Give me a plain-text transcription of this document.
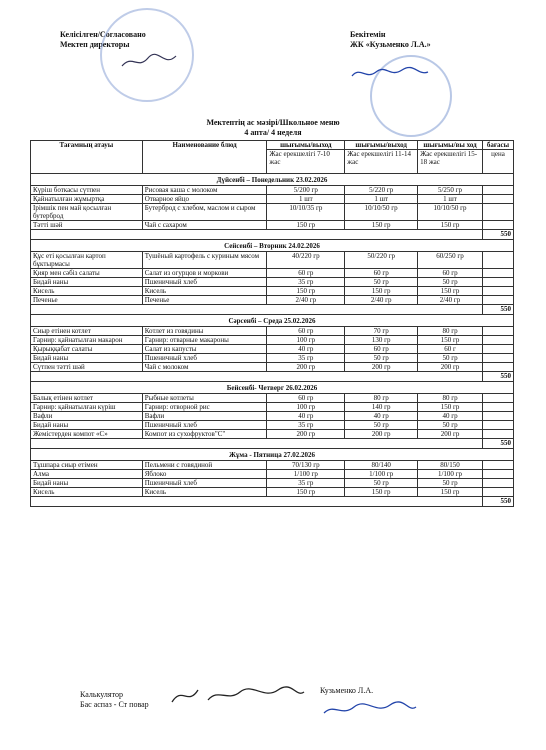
Келісілген/Согласовано
Мектеп директоры
Бекітемін
ЖК «Кузьменко Л.А.»
Мектептің ас мәзірі/Школьное меню
4 апта/ 4 неделя
Тағамның атауы	Наименование блюд	шығымы/выход	шығымы/выход	шығымы/вы ход	бағасы
		Жас ерекшелігі 7-10 жас	Жас ерекшелігі 11-14 жас	Жас ерекшелігі 15-18 жас	цена
Дүйсенбі – Понедельник 23.02.2026					
Күріш боткасы сүтпен	Рисовая каша с молоком	5/200 гр	5/220 гр	5/250 гр	
Қайнатылған жұмыртқа	Отварное яйцо	1 шт	1 шт	1 шт	
Ірімшік пен май қосылған бутерброд	Бутерброд с хлебом, маслом и сыром	10/10/35 гр	10/10/50 гр	10/10/50 гр	
Тәтті шәй	Чай с сахаром	150 гр	150 гр	150 гр	
					550
Сейсенбі – Вторник 24.02.2026					
Құс еті қосылған картоп бұктырмасы	Тушёный картофель с куриным мясом	40/220 гр	50/220 гр	60/250 гр	
Қияр мен сәбіз салаты	Салат из огурцов и моркови	60 гр	60 гр	60 гр	
Бидай наны	Пшеничный хлеб	35 гр	50 гр	50 гр	
Кисель	Кисель	150 гр	150 гр	150 гр	
Печенье	Печенье	2/40 гр	2/40 гр	2/40 гр	
					550
Сәрсенбі – Среда 25.02.2026					
Сиыр етінен котлет	Котлет из говядины	60 гр	70 гр	80 гр	
Гарнир: қайнатылған макарон	Гарнир: отварные макароны	100 гр	130 гр	150 гр	
Қырыққабат салаты	Салат из капусты	40 гр	60 гр	60 г	
Бидай наны	Пшеничный хлеб	35 гр	50 гр	50 гр	
Сүтпен тәтті шәй	Чай с молоком	200 гр	200 гр	200 гр	
					550
Бейсенбі- Четверг 26.02.2026					
Балық етінен котлет	Рыбные котлеты	60 гр	80 гр	80 гр	
Гарнир: қайнатылған күріш	Гарнир: отворной рис	100 гр	140 гр	150 гр	
Вафли	Вафли	40 гр	40 гр	40 гр	
Бидай наны	Пшеничный хлеб	35 гр	50 гр	50 гр	
Жемістерден компот «С»	Компот из сухофруктов"С"	200 гр	200 гр	200 гр	
					550
Жұма - Пятница 27.02.2026					
Тұшпара сиыр етімен	Пельмени с говядиной	70/130 гр	80/140	80/150	
Алма	Яблоко	1/100 гр	1/100 гр	1/100 гр	
Бидай наны	Пшеничный хлеб	35 гр	50 гр	50 гр	
Кисель	Кисель	150 гр	150 гр	150 гр	
					550
Калькулятор
Бас аспаз - Ст повар
Кузьменко Л.А.
